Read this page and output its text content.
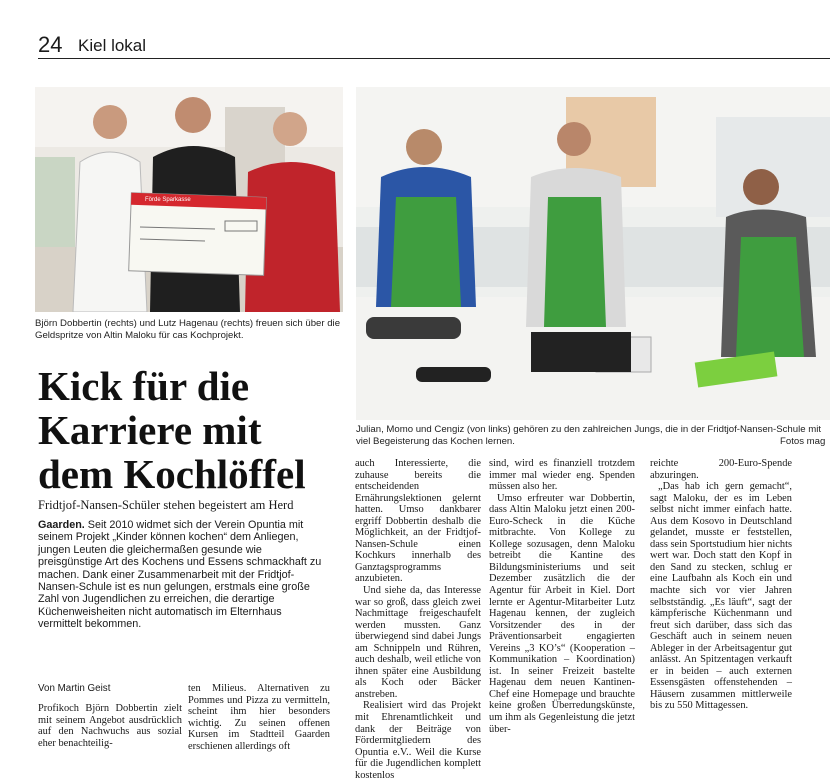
24 Kiel lokal
Förde Sparkasse
Björn Dobbertin (rechts) und Lutz Hagenau (rechts) freuen sich über die Geldspritze von Altin Maloku für cas Kochprojekt.
Julian, Momo und Cengiz (von links) gehören zu den zahlreichen Jungs, die in der Fridtjof-Nansen-Schule mit viel Begeisterung das Kochen lernen.	Fotos mag
Kick für die
Karriere mit
dem Kochlöffel
Fridtjof-Nansen-Schüler stehen begeistert am Herd
Gaarden. Seit 2010 widmet sich der Verein Opuntia mit seinem Projekt „Kinder können kochen“ dem Anliegen, jungen Leuten die gleichermaßen gesunde wie preisgünstige Art des Kochens und Essens schmackhaft zu machen. Dank einer Zusammenarbeit mit der Fridtjof-Nansen-Schule ist es nun gelungen, erstmals eine große Zahl von Jugendlichen zu erreichen, die derartige Küchenweisheiten nicht automatisch im Elternhaus vermittelt bekommen.
Von Martin Geist

Profikoch Björn Dobbertin zielt mit seinem Angebot ausdrücklich auf den Nachwuchs aus sozial eher benachteilig-

ten Milieus. Alternativen zu Pommes und Pizza zu vermitteln, scheint ihm hier besonders wichtig. Zu seinen offenen Kursen im Stadtteil Gaarden erschienen allerdings oft

auch Interessierte, die zuhause bereits die entscheidenden Ernährungslektionen gelernt hatten. Umso dankbarer ergriff Dobbertin deshalb die Möglichkeit, an der Fridtjof-Nansen-Schule einen Kochkurs innerhalb des Ganztagsprogramms anzubieten.

Und siehe da, das Interesse war so groß, dass gleich zwei Nachmittage freigeschaufelt werden mussten. Ganz überwiegend sind dabei Jungs am Schnippeln und Rühren, auch deshalb, weil etliche von ihnen später eine Ausbildung als Koch oder Bäcker anstreben.

Realisiert wird das Projekt mit Ehrenamtlichkeit und dank der Beiträge von Fördermitgliedern des Opuntia e.V.. Weil die Kurse für die Jugendlichen komplett kostenlos

sind, wird es finanziell trotzdem immer mal wieder eng. Spenden müssen also her.

Umso erfreuter war Dobbertin, dass Altin Maloku jetzt einen 200-Euro-Scheck in die Küche mitbrachte. Von Kollege zu Kollege sozusagen, denn Maloku betreibt die Kantine des Bildungsministeriums und seit Dezember zusätzlich die der Agentur für Arbeit in Kiel. Dort lernte er Agentur-Mitarbeiter Lutz Hagenau kennen, der zugleich Vorsitzender des in der Präventionsarbeit engagierten Vereins „3 KO’s“ (Kooperation – Kommunikation – Koordination) ist. In seiner Freizeit bastelte Hagenau dem neuen Kantinen-Chef eine Homepage und brauchte keine großen Überredungskünste, um ihm als Gegenleistung die jetzt über-

reichte 200-Euro-Spende abzuringen.

„Das hab ich gern gemacht“, sagt Maloku, der es im Leben selbst nicht immer einfach hatte. Aus dem Kosovo in Deutschland gelandet, musste er feststellen, dass sein Sportstudium hier nichts wert war. Doch statt den Kopf in den Sand zu stecken, schlug er eine Laufbahn als Koch ein und machte sich vor vier Jahren selbstständig. „Es läuft“, sagt der kämpferische Küchenmann und freut sich darüber, dass sich das Geschäft auch in seinem neuen Ableger in der Arbeitsagentur gut anlässt. An Spitzentagen verkauft er in beiden – auch externen Essensgästen offenstehenden – Häusern zusammen mittlerweile bis zu 550 Mittagessen.
